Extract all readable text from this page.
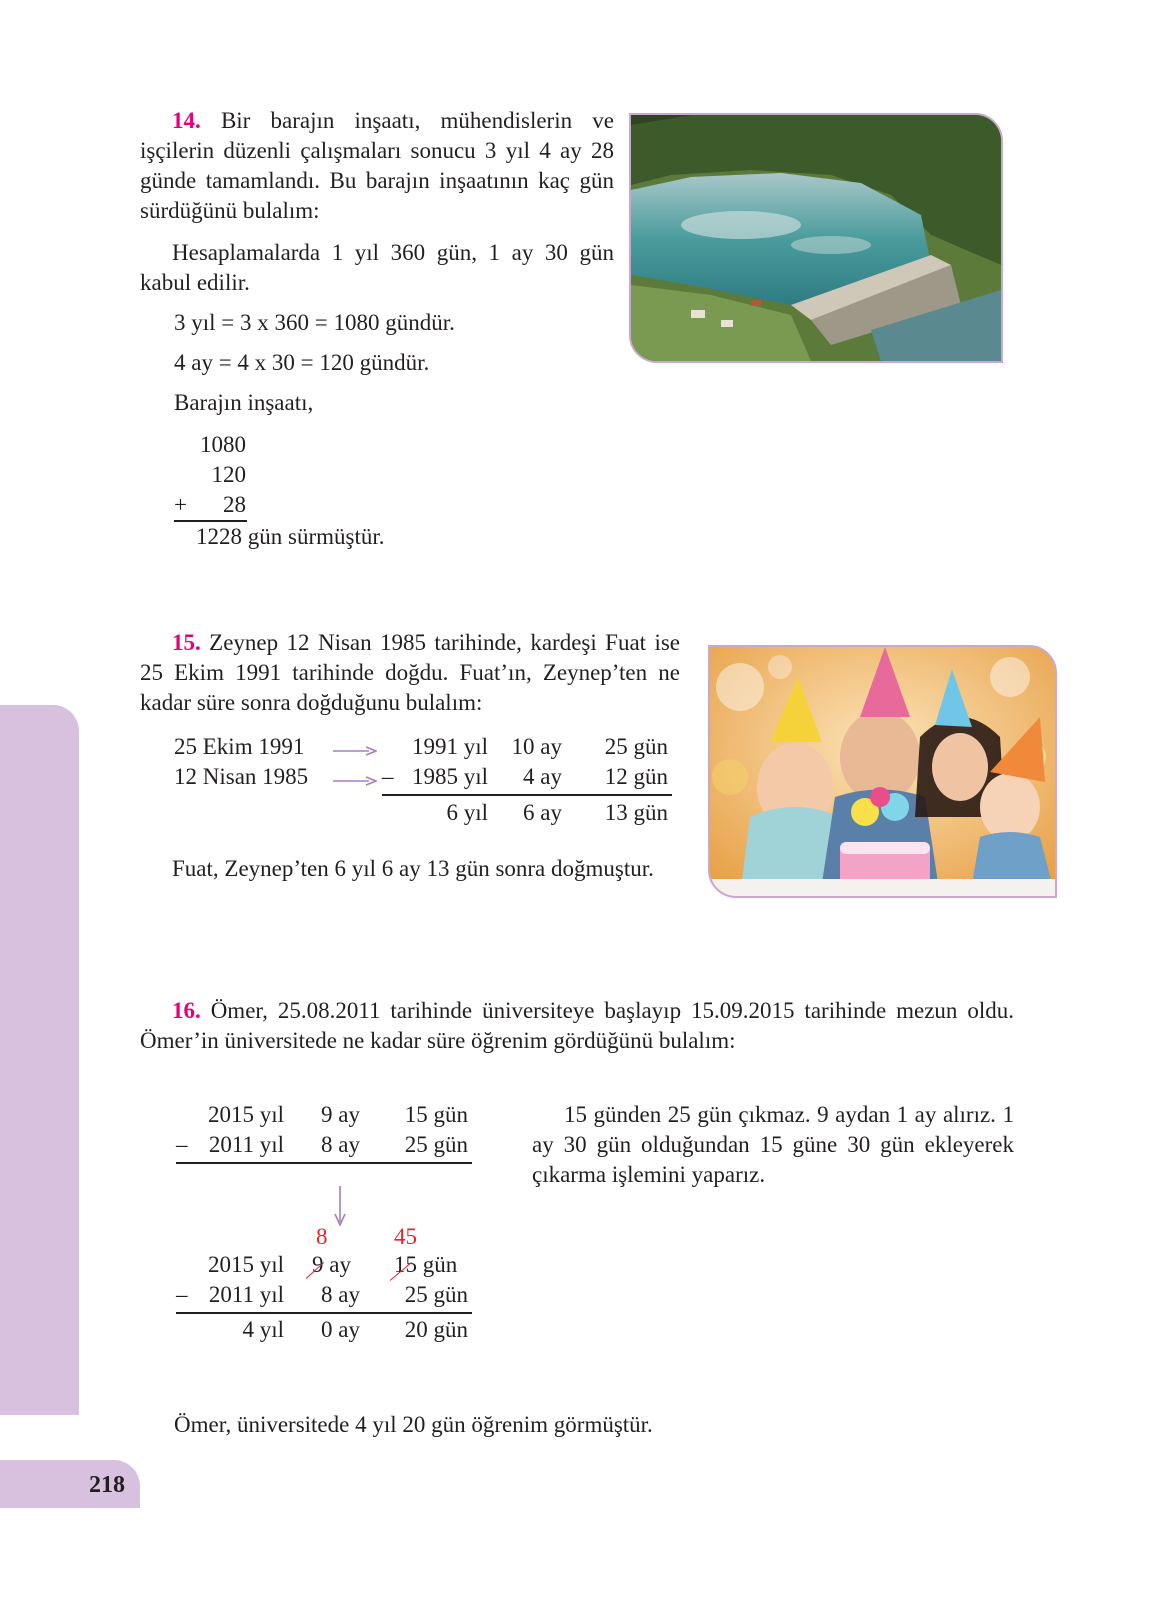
218
14. Bir barajın inşaatı, mühendislerin ve işçilerin düzenli çalışmaları sonucu 3 yıl 4 ay 28 günde tamamlandı. Bu barajın inşaatının kaç gün sürdüğünü bulalım:
Hesaplamalarda 1 yıl 360 gün, 1 ay 30 gün kabul edilir.
3 yıl = 3 x 360 = 1080 gündür.
4 ay = 4 x 30 = 120 gündür.
Barajın inşaatı,
1080
120
+	28
1228 gün sürmüştür.
15. Zeynep 12 Nisan 1985 tarihinde, kardeşi Fuat ise 25 Ekim 1991 tarihinde doğdu. Fuat’ın, Zeynep’ten ne kadar süre sonra doğduğunu bulalım:
25 Ekim 1991	1991 yıl	10 ay	25 gün
12 Nisan 1985	– 1985 yıl	4 ay	12 gün
6 yıl	6 ay	13 gün
Fuat, Zeynep’ten 6 yıl 6 ay 13 gün sonra doğmuştur.
16. Ömer, 25.08.2011 tarihinde üniversiteye başlayıp 15.09.2015 tarihinde mezun oldu. Ömer’in üniversitede ne kadar süre öğrenim gördüğünü bulalım:
2015 yıl	9 ay	15 gün
– 2011 yıl	8 ay	25 gün
15 günden 25 gün çıkmaz. 9 aydan 1 ay alırız. 1 ay 30 gün olduğundan 15 güne 30 gün ekleyerek çıkarma işlemini yaparız.
8	45
2015 yıl 9 ay 15 gün
– 2011 yıl	8 ay	25 gün
4 yıl	0 ay	20 gün
Ömer, üniversitede 4 yıl 20 gün öğrenim görmüştür.
